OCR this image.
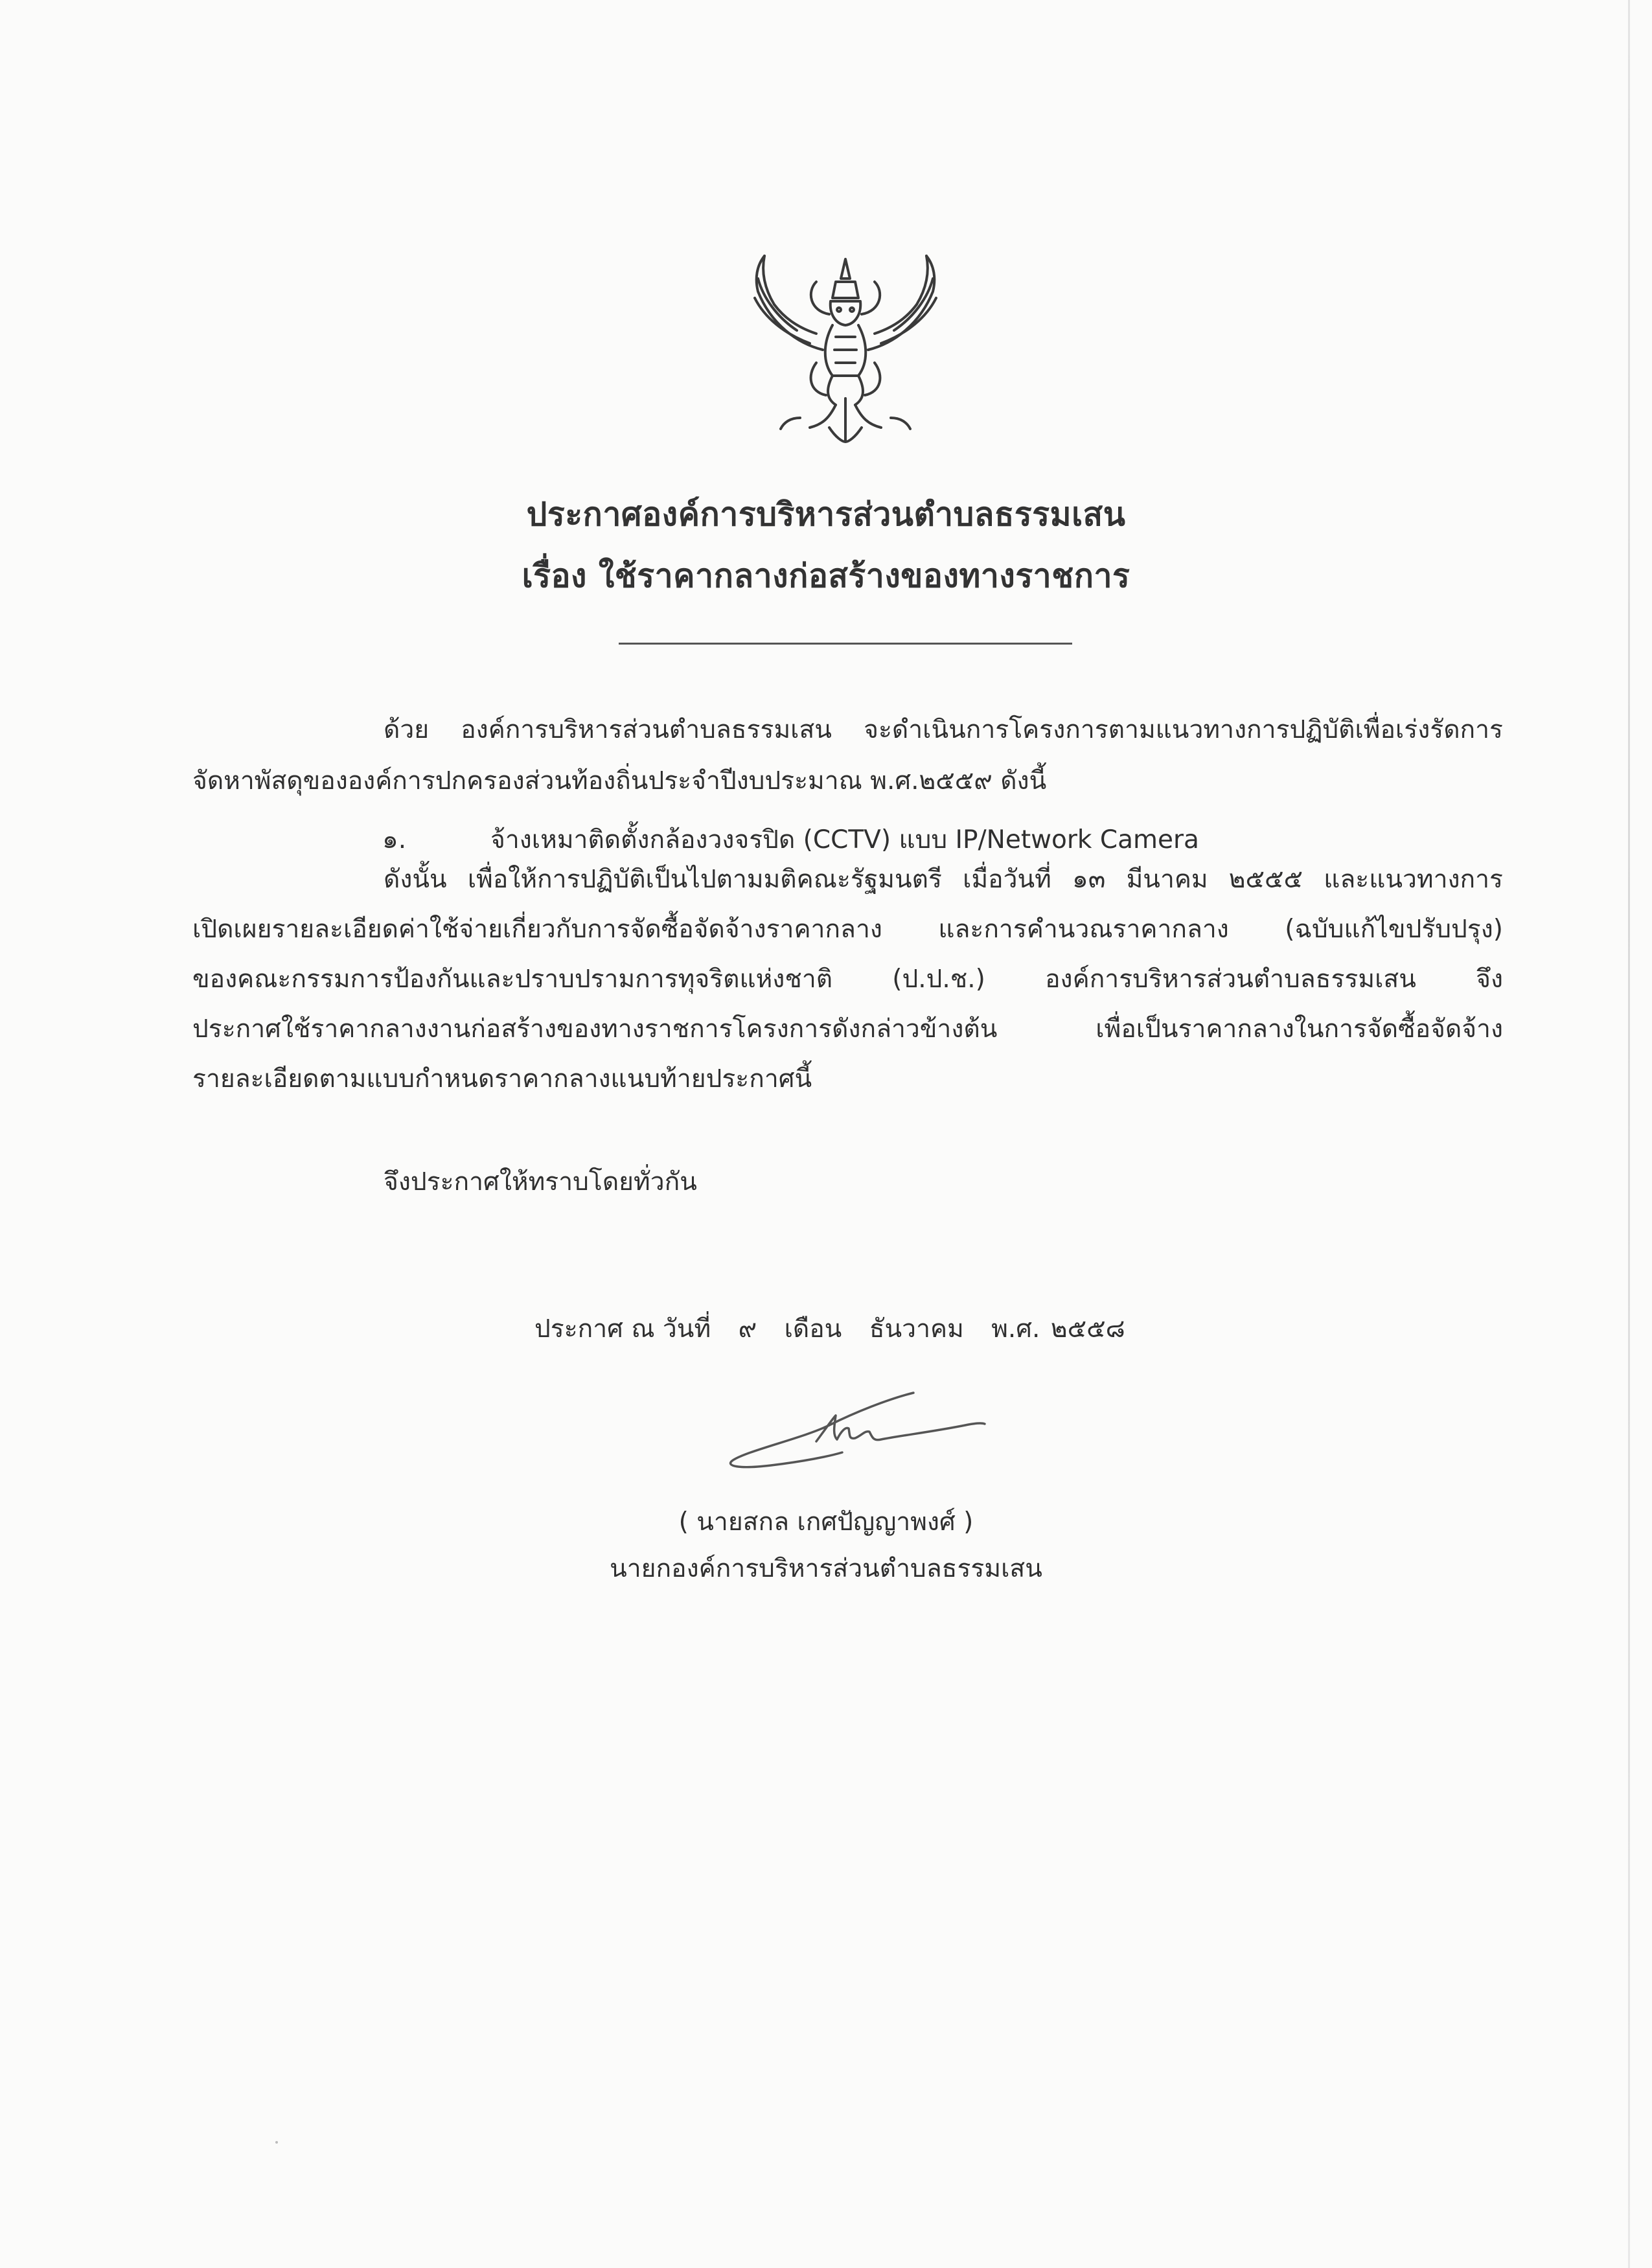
ประกาศองค์การบริหารส่วนตำบลธรรมเสน
เรื่อง ใช้ราคากลางก่อสร้างของทางราชการ
ด้วย องค์การบริหารส่วนตำบลธรรมเสน จะดำเนินการโครงการตามแนวทางการปฏิบัติเพื่อเร่งรัดการ
จัดหาพัสดุขององค์การปกครองส่วนท้องถิ่นประจำปีงบประมาณ พ.ศ.๒๕๕๙ ดังนี้
๑.	จ้างเหมาติดตั้งกล้องวงจรปิด (CCTV) แบบ IP/Network Camera
ดังนั้น เพื่อให้การปฏิบัติเป็นไปตามมติคณะรัฐมนตรี เมื่อวันที่ ๑๓ มีนาคม ๒๕๕๕ และแนวทางการ
เปิดเผยรายละเอียดค่าใช้จ่ายเกี่ยวกับการจัดซื้อจัดจ้างราคากลาง และการคำนวณราคากลาง (ฉบับแก้ไขปรับปรุง)
ของคณะกรรมการป้องกันและปราบปรามการทุจริตแห่งชาติ (ป.ป.ช.) องค์การบริหารส่วนตำบลธรรมเสน จึง
ประกาศใช้ราคากลางงานก่อสร้างของทางราชการโครงการดังกล่าวข้างต้น เพื่อเป็นราคากลางในการจัดซื้อจัดจ้าง
รายละเอียดตามแบบกำหนดราคากลางแนบท้ายประกาศนี้
จึงประกาศให้ทราบโดยทั่วกัน
ประกาศ ณ วันที่ ๙ เดือน ธันวาคม พ.ศ. ๒๕๕๘
( นายสกล เกศปัญญาพงศ์ )
นายกองค์การบริหารส่วนตำบลธรรมเสน
